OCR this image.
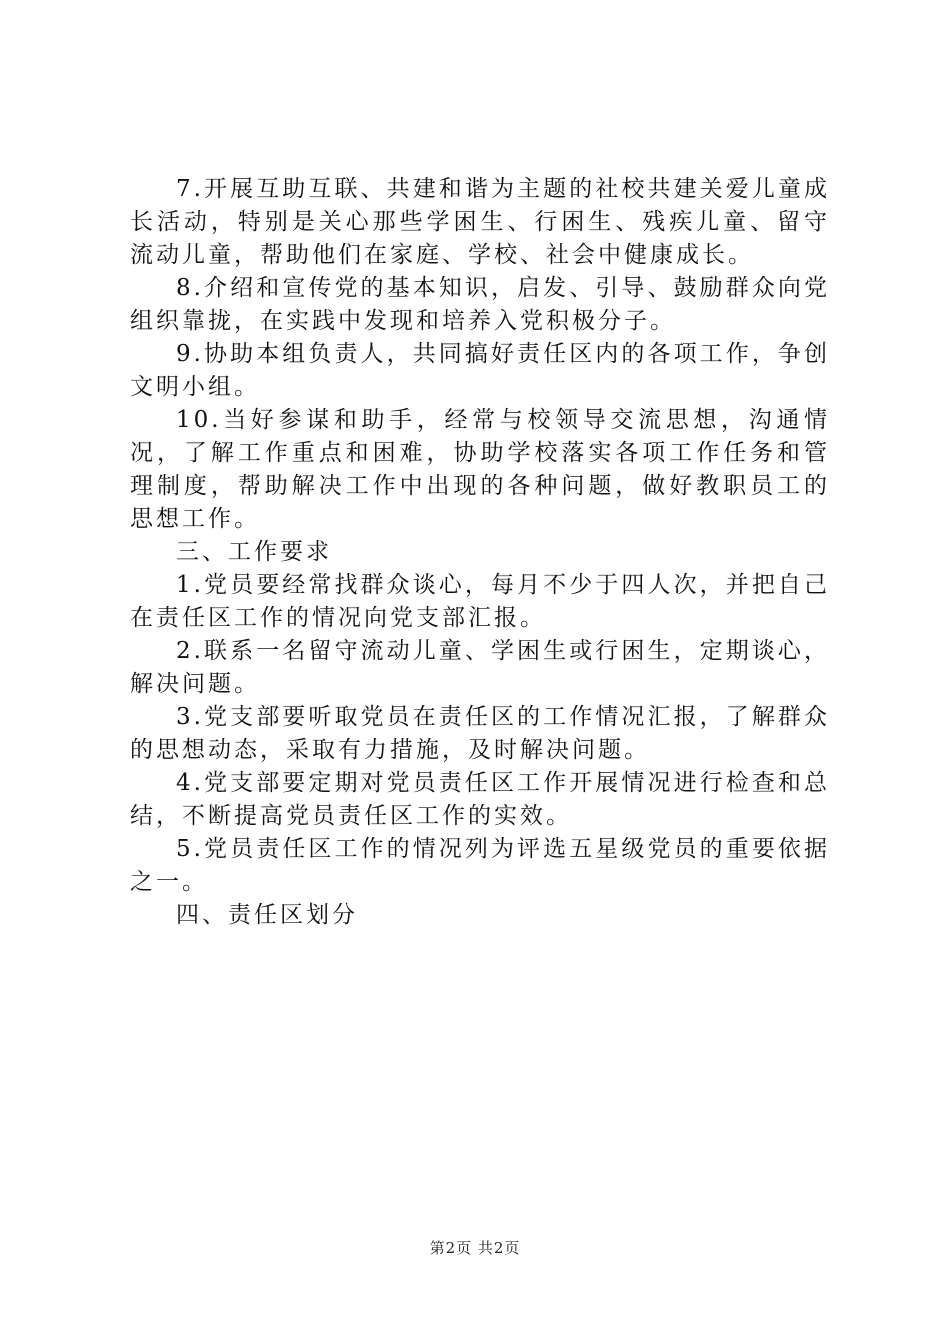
7.开展互助互联、共建和谐为主题的社校共建关爱儿童成长活动，特别是关心那些学困生、行困生、残疾儿童、留守流动儿童，帮助他们在家庭、学校、社会中健康成长。

8.介绍和宣传党的基本知识，启发、引导、鼓励群众向党组织靠拢，在实践中发现和培养入党积极分子。

9.协助本组负责人，共同搞好责任区内的各项工作，争创文明小组。

10.当好参谋和助手，经常与校领导交流思想，沟通情况，了解工作重点和困难，协助学校落实各项工作任务和管理制度，帮助解决工作中出现的各种问题，做好教职员工的思想工作。

三、工作要求

1.党员要经常找群众谈心，每月不少于四人次，并把自己在责任区工作的情况向党支部汇报。

2.联系一名留守流动儿童、学困生或行困生，定期谈心，解决问题。

3.党支部要听取党员在责任区的工作情况汇报，了解群众的思想动态，采取有力措施，及时解决问题。

4.党支部要定期对党员责任区工作开展情况进行检查和总结，不断提高党员责任区工作的实效。

5.党员责任区工作的情况列为评选五星级党员的重要依据之一。

四、责任区划分

第2页 共2页
